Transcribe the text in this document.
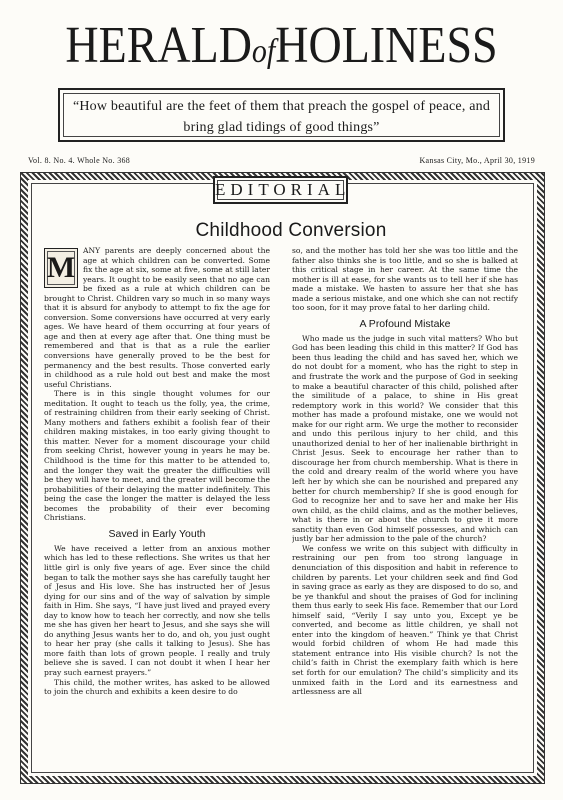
HERALDofHOLINESS
“How beautiful are the feet of them that preach the gospel of peace, and bring glad tidings of good things”
Vol. 8. No. 4. Whole No. 368	Kansas City, Mo., April 30, 1919
EDITORIAL
Childhood Conversion
M

ANY parents are deeply concerned about the age at which children can be converted. Some fix the age at six, some at five, some at still later years. It ought to be easily seen that no age can be fixed as a rule at which children can be brought to Christ. Children vary so much in so many ways that it is absurd for anybody to attempt to fix the age for conversion. Some conversions have occurred at very early ages. We have heard of them occurring at four years of age and then at every age after that. One thing must be remembered and that is that as a rule the earlier conversions have generally proved to be the best for permanency and the best results. Those converted early in childhood as a rule hold out best and make the most useful Christians.

There is in this single thought volumes for our meditation. It ought to teach us the folly, yea, the crime, of restraining children from their early seeking of Christ. Many mothers and fathers exhibit a foolish fear of their children making mistakes, in too early giving thought to this matter. Never for a moment discourage your child from seeking Christ, however young in years he may be. Childhood is the time for this matter to be attended to, and the longer they wait the greater the difficulties will be they will have to meet, and the greater will become the probabilities of their delaying the matter indefinitely. This being the case the longer the matter is delayed the less becomes the probability of their ever becoming Christians.

Saved in Early Youth

We have received a letter from an anxious mother which has led to these reflections. She writes us that her little girl is only five years of age. Ever since the child began to talk the mother says she has carefully taught her of Jesus and His love. She has instructed her of Jesus dying for our sins and of the way of salvation by simple faith in Him. She says, “I have just lived and prayed every day to know how to teach her correctly, and now she tells me she has given her heart to Jesus, and she says she will do anything Jesus wants her to do, and oh, you just ought to hear her pray (she calls it talking to Jesus). She has more faith than lots of grown people. I really and truly believe she is saved. I can not doubt it when I hear her pray such earnest prayers.”

This child, the mother writes, has asked to be allowed to join the church and exhibits a keen desire to do

so, and the mother has told her she was too little and the father also thinks she is too little, and so she is balked at this critical stage in her career. At the same time the mother is ill at ease, for she wants us to tell her if she has made a mistake. We hasten to assure her that she has made a serious mistake, and one which she can not rectify too soon, for it may prove fatal to her darling child.

A Profound Mistake

Who made us the judge in such vital matters? Who but God has been leading this child in this matter? If God has been thus leading the child and has saved her, which we do not doubt for a moment, who has the right to step in and frustrate the work and the purpose of God in seeking to make a beautiful character of this child, polished after the similitude of a palace, to shine in His great redemptory work in this world? We consider that this mother has made a profound mistake, one we would not make for our right arm. We urge the mother to reconsider and undo this perilous injury to her child, and this unauthorized denial to her of her inalienable birthright in Christ Jesus. Seek to encourage her rather than to discourage her from church membership. What is there in the cold and dreary realm of the world where you have left her by which she can be nourished and prepared any better for church membership? If she is good enough for God to recognize her and to save her and make her His own child, as the child claims, and as the mother believes, what is there in or about the church to give it more sanctity than even God himself possesses, and which can justly bar her admission to the pale of the church?

We confess we write on this subject with difficulty in restraining our pen from too strong language in denunciation of this disposition and habit in reference to children by parents. Let your children seek and find God in saving grace as early as they are disposed to do so, and be ye thankful and shout the praises of God for inclining them thus early to seek His face. Remember that our Lord himself said, “Verily I say unto you, Except ye be converted, and become as little children, ye shall not enter into the kingdom of heaven.” Think ye that Christ would forbid children of whom He had made this statement entrance into His visible church? Is not the child’s faith in Christ the exemplary faith which is here set forth for our emulation? The child’s simplicity and its unmixed faith in the Lord and its earnestness and artlessness are all
